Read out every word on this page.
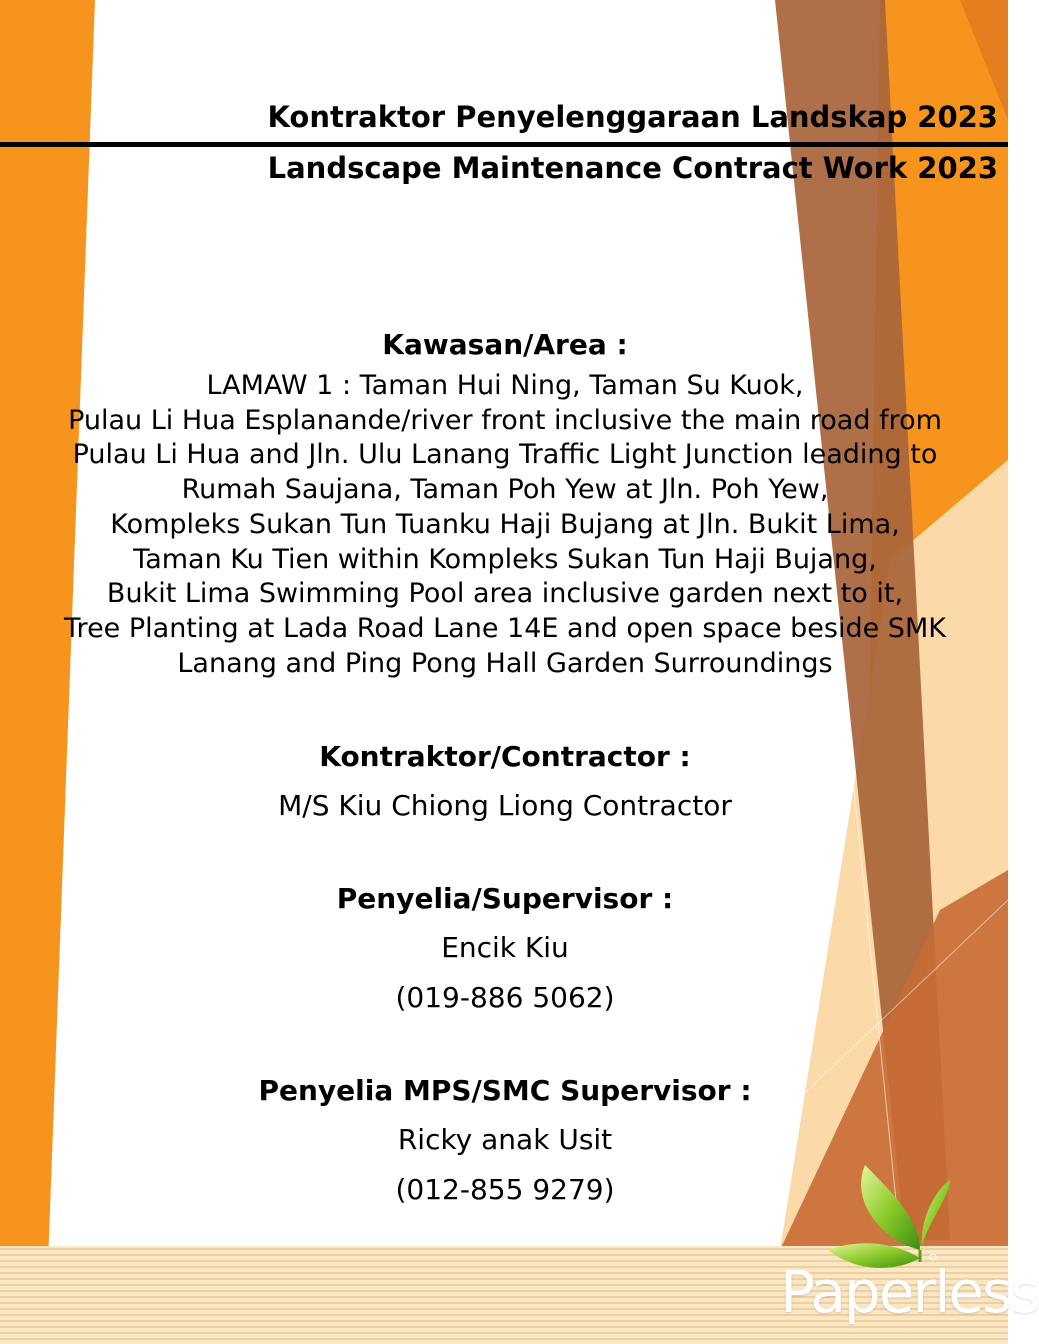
Kontraktor Penyelenggaraan Landskap 2023
Landscape Maintenance Contract Work 2023

Kawasan/Area :

LAMAW 1 : Taman Hui Ning, Taman Su Kuok,
Pulau Li Hua Esplanande/river front inclusive the main road from
Pulau Li Hua and Jln. Ulu Lanang Traffic Light Junction leading to
Rumah Saujana, Taman Poh Yew at Jln. Poh Yew,
Kompleks Sukan Tun Tuanku Haji Bujang at Jln. Bukit Lima,
Taman Ku Tien within Kompleks Sukan Tun Haji Bujang,
Bukit Lima Swimming Pool area inclusive garden next to it,
Tree Planting at Lada Road Lane 14E and open space beside SMK
Lanang and Ping Pong Hall Garden Surroundings

Kontraktor/Contractor :

M/S Kiu Chiong Liong Contractor

Penyelia/Supervisor :

Encik Kiu

(019-886 5062)

Penyelia MPS/SMC Supervisor :

Ricky anak Usit

(012-855 9279)

Paperless
